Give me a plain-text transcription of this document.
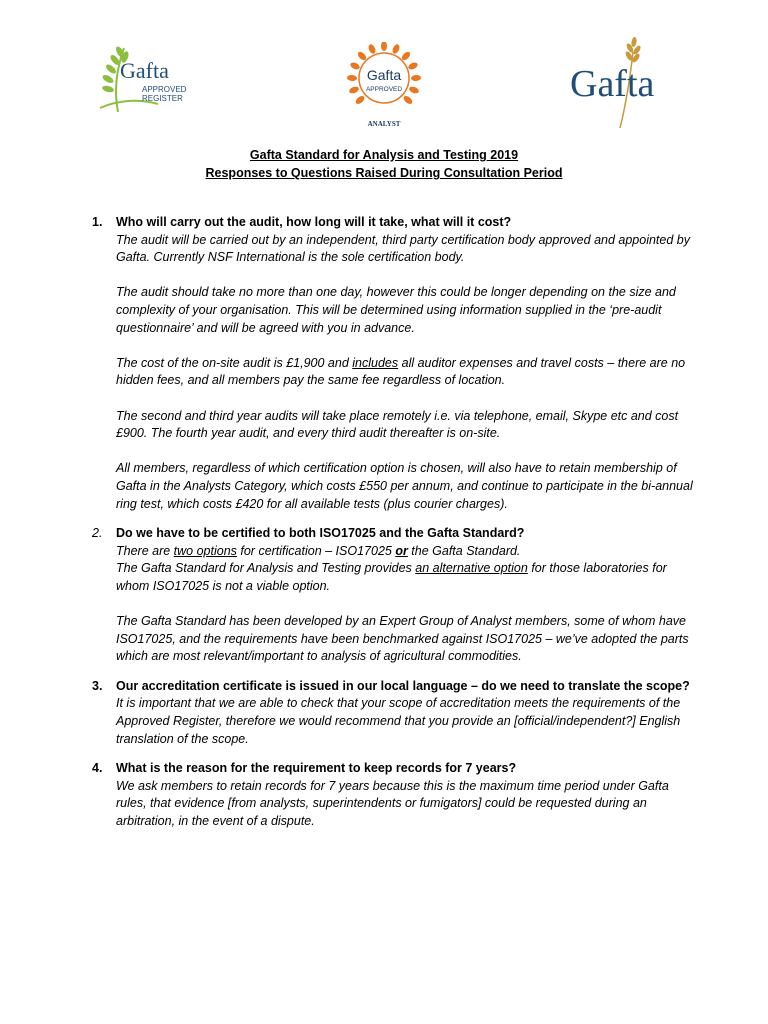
Gafta
APPROVED
REGISTER
Gafta
APPROVED
ANALYST
Gafta
Gafta Standard for Analysis and Testing 2019
Responses to Questions Raised During Consultation Period
1. Who will carry out the audit, how long will it take, what will it cost?
The audit will be carried out by an independent, third party certification body approved and appointed by Gafta. Currently NSF International is the sole certification body.
The audit should take no more than one day, however this could be longer depending on the size and complexity of your organisation. This will be determined using information supplied in the ‘pre-audit questionnaire’ and will be agreed with you in advance.
The cost of the on-site audit is £1,900 and includes all auditor expenses and travel costs – there are no hidden fees, and all members pay the same fee regardless of location.
The second and third year audits will take place remotely i.e. via telephone, email, Skype etc and cost £900. The fourth year audit, and every third audit thereafter is on-site.
All members, regardless of which certification option is chosen, will also have to retain membership of Gafta in the Analysts Category, which costs £550 per annum, and continue to participate in the bi-annual ring test, which costs £420 for all available tests (plus courier charges).
2. Do we have to be certified to both ISO17025 and the Gafta Standard?
There are two options for certification – ISO17025 or the Gafta Standard.
The Gafta Standard for Analysis and Testing provides an alternative option for those laboratories for whom ISO17025 is not a viable option.
The Gafta Standard has been developed by an Expert Group of Analyst members, some of whom have ISO17025, and the requirements have been benchmarked against ISO17025 – we’ve adopted the parts which are most relevant/important to analysis of agricultural commodities.
3. Our accreditation certificate is issued in our local language – do we need to translate the scope?
It is important that we are able to check that your scope of accreditation meets the requirements of the Approved Register, therefore we would recommend that you provide an [official/independent?] English translation of the scope.
4. What is the reason for the requirement to keep records for 7 years?
We ask members to retain records for 7 years because this is the maximum time period under Gafta rules, that evidence [from analysts, superintendents or fumigators] could be requested during an arbitration, in the event of a dispute.
